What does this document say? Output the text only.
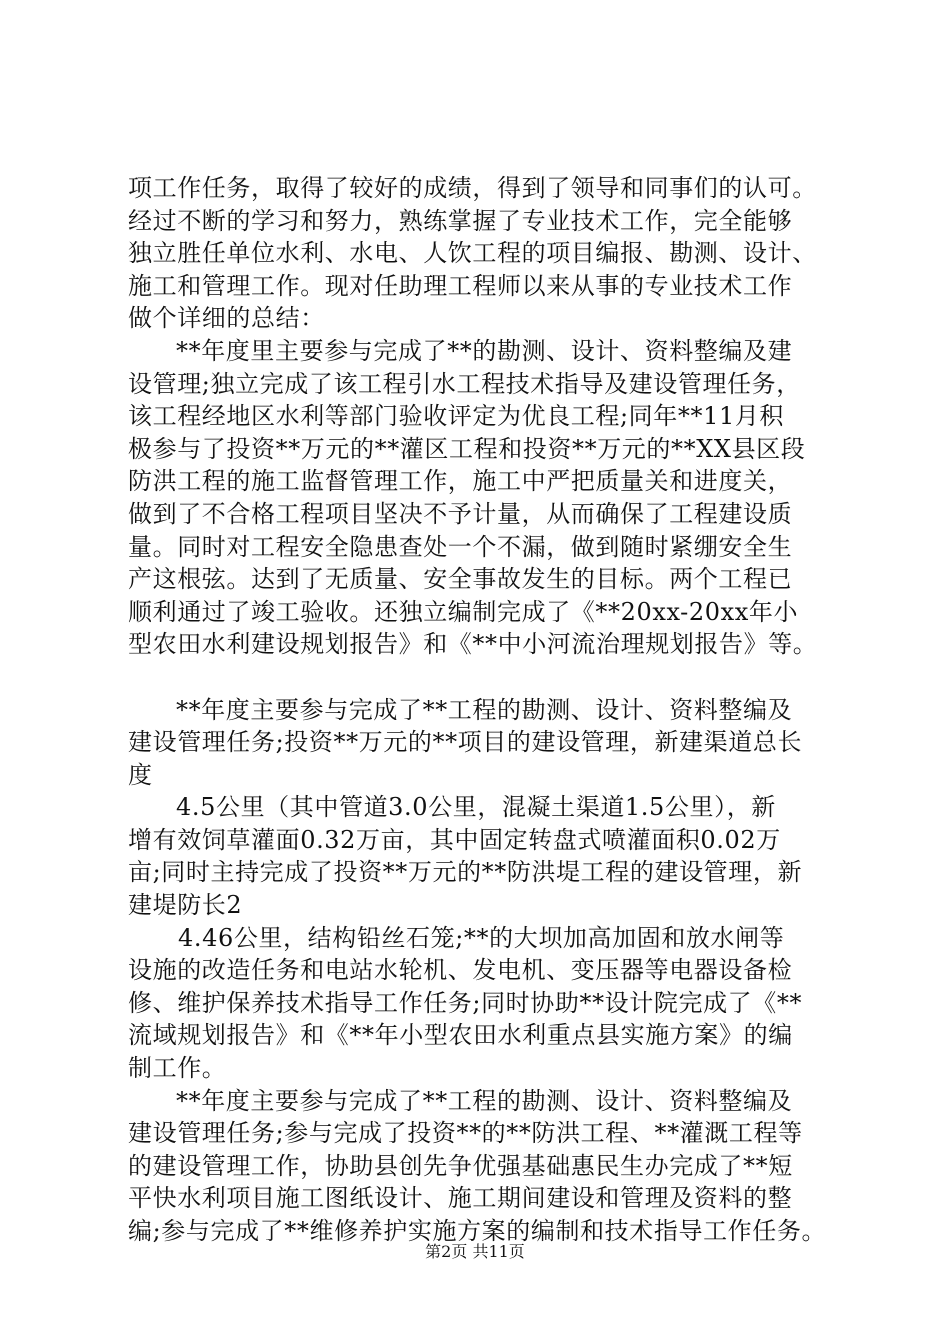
项工作任务，取得了较好的成绩，得到了领导和同事们的认可。
经过不断的学习和努力，熟练掌握了专业技术工作，完全能够
独立胜任单位水利、水电、人饮工程的项目编报、勘测、设计、
施工和管理工作。现对任助理工程师以来从事的专业技术工作
做个详细的总结：
**年度里主要参与完成了**的勘测、设计、资料整编及建
设管理;独立完成了该工程引水工程技术指导及建设管理任务，
该工程经地区水利等部门验收评定为优良工程;同年**11月积
极参与了投资**万元的**灌区工程和投资**万元的**XX县区段
防洪工程的施工监督管理工作，施工中严把质量关和进度关，
做到了不合格工程项目坚决不予计量，从而确保了工程建设质
量。同时对工程安全隐患查处一个不漏，做到随时紧绷安全生
产这根弦。达到了无质量、安全事故发生的目标。两个工程已
顺利通过了竣工验收。还独立编制完成了《**20xx-20xx年小
型农田水利建设规划报告》和《**中小河流治理规划报告》等。
**年度主要参与完成了**工程的勘测、设计、资料整编及
建设管理任务;投资**万元的**项目的建设管理，新建渠道总长
度
4.5公里（其中管道3.0公里，混凝土渠道1.5公里），新
增有效饲草灌面0.32万亩，其中固定转盘式喷灌面积0.02万
亩;同时主持完成了投资**万元的**防洪堤工程的建设管理，新
建堤防长2
4.46公里，结构铅丝石笼;**的大坝加高加固和放水闸等
设施的改造任务和电站水轮机、发电机、变压器等电器设备检
修、维护保养技术指导工作任务;同时协助**设计院完成了《**
流域规划报告》和《**年小型农田水利重点县实施方案》的编
制工作。
**年度主要参与完成了**工程的勘测、设计、资料整编及
建设管理任务;参与完成了投资**的**防洪工程、**灌溉工程等
的建设管理工作，协助县创先争优强基础惠民生办完成了**短
平快水利项目施工图纸设计、施工期间建设和管理及资料的整
编;参与完成了**维修养护实施方案的编制和技术指导工作任务。
第2页 共11页
